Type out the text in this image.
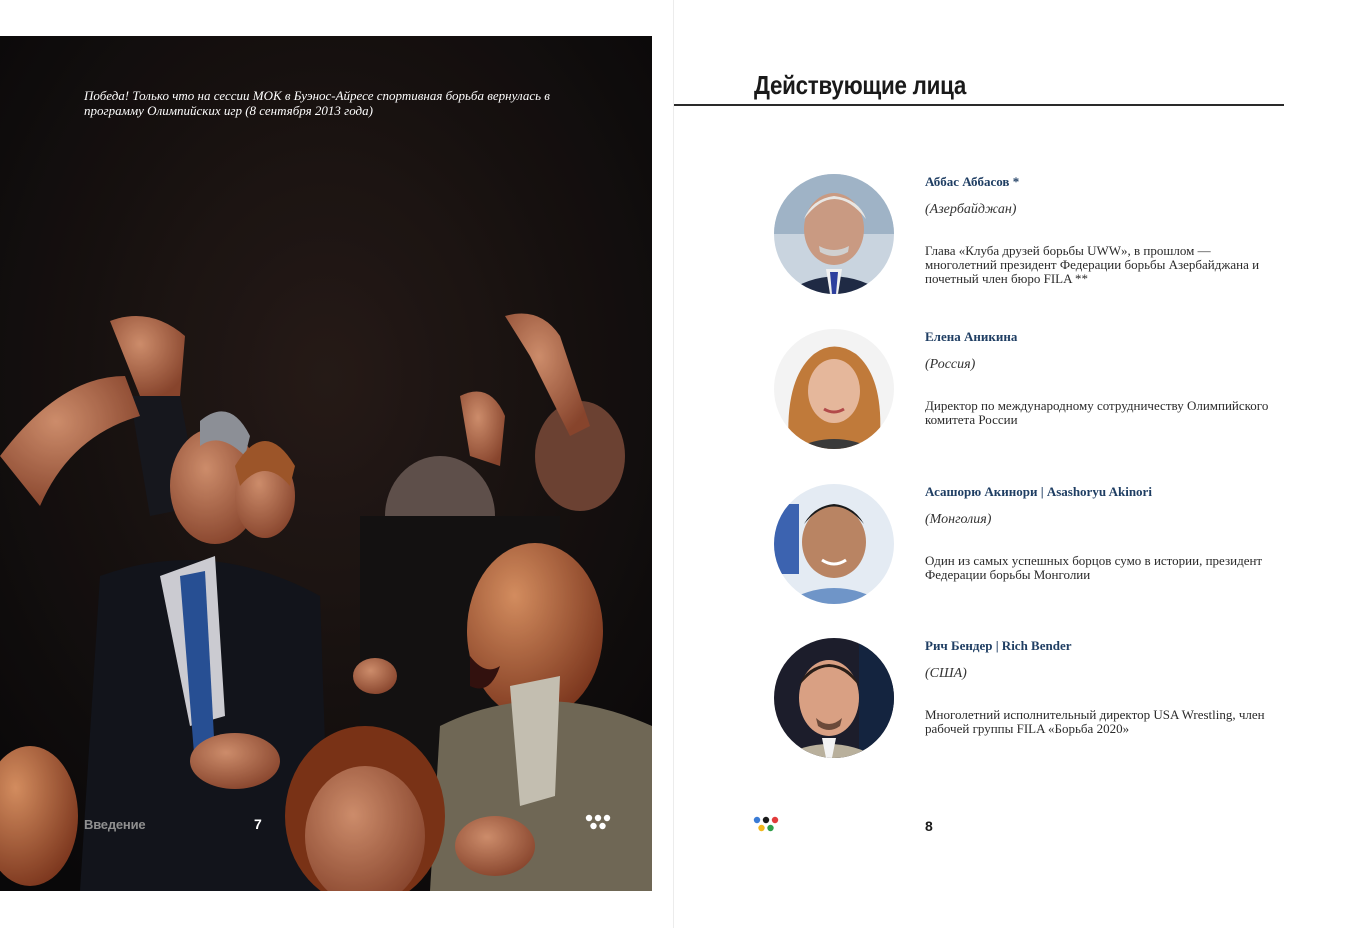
Победа! Только что на сессии МОК в Буэнос-Айресе спортивная борьба вернулась в программу Олимпийских игр (8 сентября 2013 года)
Введение	7
Действующие лица
Аббас Аббасов *
(Азербайджан)
Глава «Клуба друзей борьбы UWW», в прошлом — многолетний президент Федерации борьбы Азербайджана и почетный член бюро FILA **
Елена Аникина
(Россия)
Директор по международному сотрудничеству Олимпийского комитета России
Асашорю Акинори | Asashoryu Akinori
(Монголия)
Один из самых успешных борцов сумо в истории, президент Федерации борьбы Монголии
Рич Бендер | Rich Bender
(США)
Многолетний исполнительный директор USA Wrestling, член рабочей группы FILA «Борьба 2020»
8
